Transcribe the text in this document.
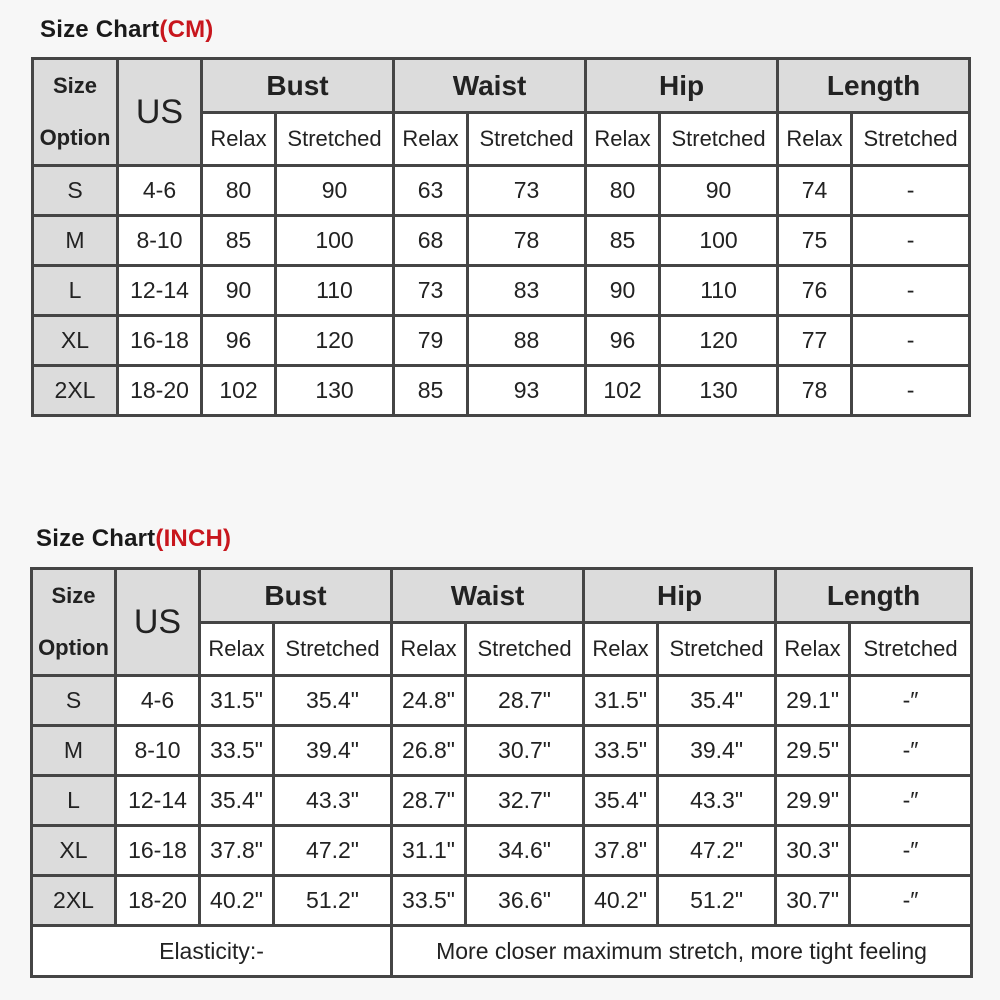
Size Chart(CM)
Size
Option	US	Bust		Waist		Hip		Length	
		Relax	Stretched	Relax	Stretched	Relax	Stretched	Relax	Stretched
S	4-6	80	90	63	73	80	90	74	-
M	8-10	85	100	68	78	85	100	75	-
L	12-14	90	110	73	83	90	110	76	-
XL	16-18	96	120	79	88	96	120	77	-
2XL	18-20	102	130	85	93	102	130	78	-
Size Chart(INCH)
Size
Option	US	Bust		Waist		Hip		Length	
		Relax	Stretched	Relax	Stretched	Relax	Stretched	Relax	Stretched
S	4-6	31.5"	35.4"	24.8"	28.7"	31.5"	35.4"	29.1"	-″
M	8-10	33.5"	39.4"	26.8"	30.7"	33.5"	39.4"	29.5"	-″
L	12-14	35.4"	43.3"	28.7"	32.7"	35.4"	43.3"	29.9"	-″
XL	16-18	37.8"	47.2"	31.1"	34.6"	37.8"	47.2"	30.3"	-″
2XL	18-20	40.2"	51.2"	33.5"	36.6"	40.2"	51.2"	30.7"	-″
Elasticity:-				More closer maximum stretch, more tight feeling					
